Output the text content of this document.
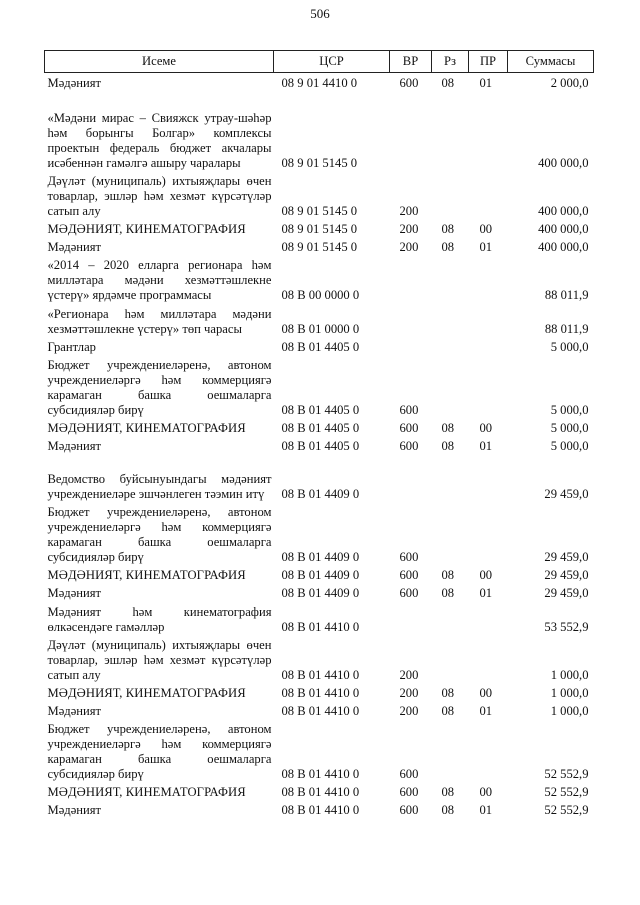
506
Исеме	ЦСР	ВР	Рз	ПР	Суммасы
Мәдәният	08 9 01 4410 0	600	08	01	2 000,0
«Мәдәни мирас – Свияжск утрау-шәһәр һәм борынгы Болгар» комплексы проектын федераль бюджет акчалары исәбеннән гамәлгә ашыру чаралары	08 9 01 5145 0				400 000,0
Дәүләт (муниципаль) ихтыяҗлары өчен товарлар, эшләр һәм хезмәт күрсәтүләр сатып алу	08 9 01 5145 0	200			400 000,0
МӘДӘНИЯТ, КИНЕМАТОГРАФИЯ	08 9 01 5145 0	200	08	00	400 000,0
Мәдәният	08 9 01 5145 0	200	08	01	400 000,0
«2014 – 2020 елларга регионара һәм милләтара мәдәни хезмәттәшлекне үстерү» ярдәмче программасы	08 В 00 0000 0				88 011,9
«Регионара һәм милләтара мәдәни хезмәттәшлекне үстерү» төп чарасы	08 В 01 0000 0				88 011,9
Грантлар	08 В 01 4405 0				5 000,0
Бюджет учреждениеләренә, автоном учреждениеләргә һәм коммерциягә карамаган башка оешмаларга субсидияләр бирү	08 В 01 4405 0	600			5 000,0
МӘДӘНИЯТ, КИНЕМАТОГРАФИЯ	08 В 01 4405 0	600	08	00	5 000,0
Мәдәният	08 В 01 4405 0	600	08	01	5 000,0
Ведомство буйсынуындагы мәдәният учреждениеләре эшчәнлеген тәэмин итү	08 В 01 4409 0				29 459,0
Бюджет учреждениеләренә, автоном учреждениеләргә һәм коммерциягә карамаган башка оешмаларга субсидияләр бирү	08 В 01 4409 0	600			29 459,0
МӘДӘНИЯТ, КИНЕМАТОГРАФИЯ	08 В 01 4409 0	600	08	00	29 459,0
Мәдәният	08 В 01 4409 0	600	08	01	29 459,0
Мәдәният һәм кинематография өлкәсендәге гамәлләр	08 В 01 4410 0				53 552,9
Дәүләт (муниципаль) ихтыяҗлары өчен товарлар, эшләр һәм хезмәт күрсәтүләр сатып алу	08 В 01 4410 0	200			1 000,0
МӘДӘНИЯТ, КИНЕМАТОГРАФИЯ	08 В 01 4410 0	200	08	00	1 000,0
Мәдәният	08 В 01 4410 0	200	08	01	1 000,0
Бюджет учреждениеләренә, автоном учреждениеләргә һәм коммерциягә карамаган башка оешмаларга субсидияләр бирү	08 В 01 4410 0	600			52 552,9
МӘДӘНИЯТ, КИНЕМАТОГРАФИЯ	08 В 01 4410 0	600	08	00	52 552,9
Мәдәният	08 В 01 4410 0	600	08	01	52 552,9
